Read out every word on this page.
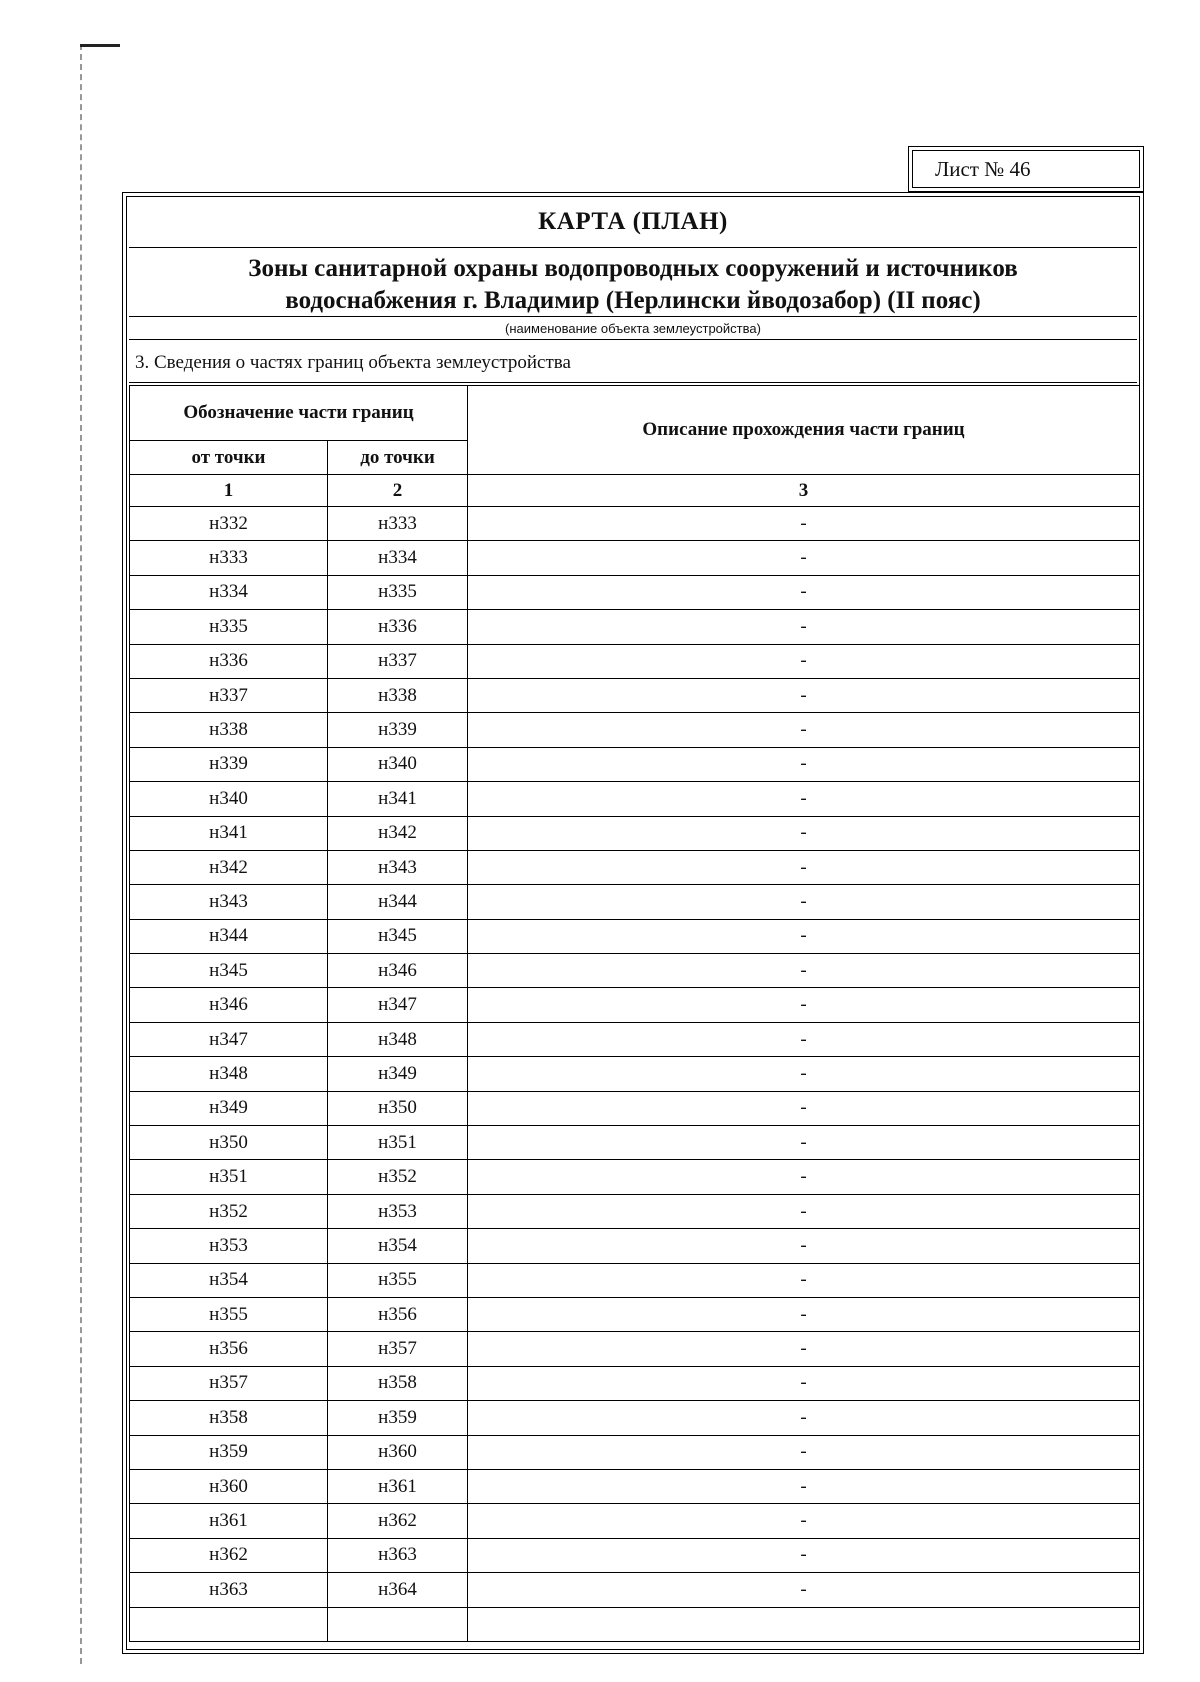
Лист № 46
КАРТА (ПЛАН)
Зоны санитарной охраны водопроводных сооружений и источников
водоснабжения г. Владимир (Нерлински йводозабор) (II пояс)
(наименование объекта землеустройства)
3. Сведения о частях границ объекта землеустройства
Обозначение части границ		Описание прохождения части границ
от точки	до точки	
1	2	3
н332	н333	-
н333	н334	-
н334	н335	-
н335	н336	-
н336	н337	-
н337	н338	-
н338	н339	-
н339	н340	-
н340	н341	-
н341	н342	-
н342	н343	-
н343	н344	-
н344	н345	-
н345	н346	-
н346	н347	-
н347	н348	-
н348	н349	-
н349	н350	-
н350	н351	-
н351	н352	-
н352	н353	-
н353	н354	-
н354	н355	-
н355	н356	-
н356	н357	-
н357	н358	-
н358	н359	-
н359	н360	-
н360	н361	-
н361	н362	-
н362	н363	-
н363	н364	-
